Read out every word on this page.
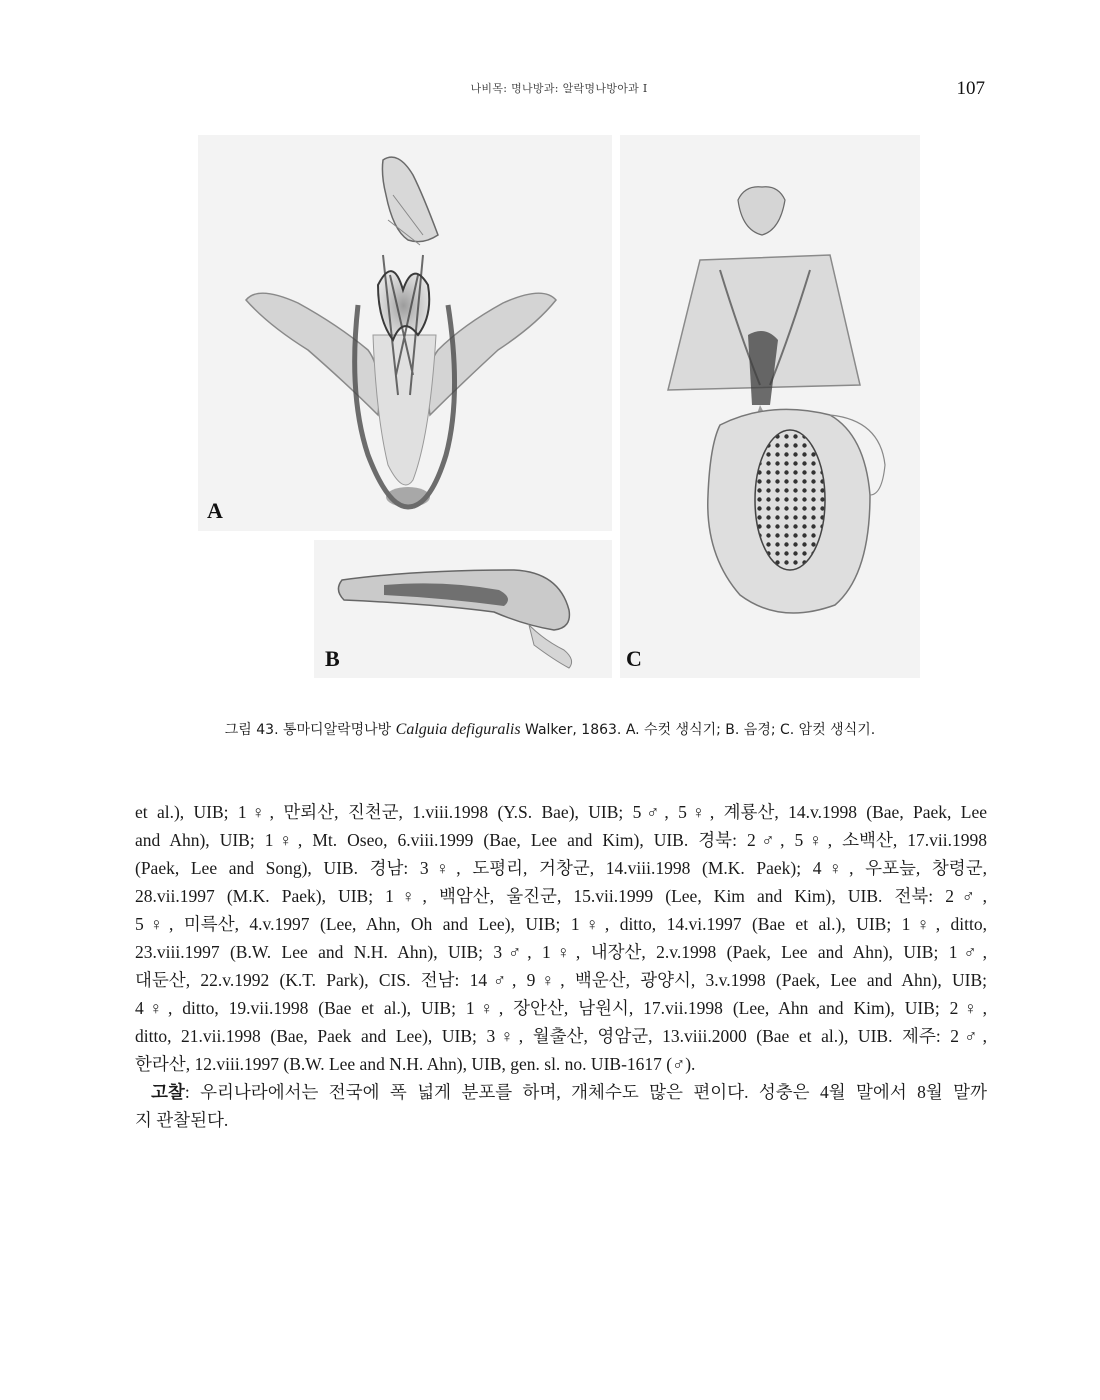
나비목: 명나방과: 알락명나방아과 I	107
A
B	C
그림 43. 통마디알락명나방 Calguia defiguralis Walker, 1863. A. 수컷 생식기; B. 음경; C. 암컷 생식기.
et al.), UIB; 1♀, 만뢰산, 진천군, 1.viii.1998 (Y.S. Bae), UIB; 5♂, 5♀, 계룡산, 14.v.1998 (Bae, Paek, Lee
and Ahn), UIB; 1♀, Mt. Oseo, 6.viii.1999 (Bae, Lee and Kim), UIB. 경북: 2♂, 5♀, 소백산, 17.vii.1998
(Paek, Lee and Song), UIB. 경남: 3♀, 도평리, 거창군, 14.viii.1998 (M.K. Paek); 4♀, 우포늪, 창령군,
28.vii.1997 (M.K. Paek), UIB; 1♀, 백암산, 울진군, 15.vii.1999 (Lee, Kim and Kim), UIB. 전북: 2♂,
5♀, 미륵산, 4.v.1997 (Lee, Ahn, Oh and Lee), UIB; 1♀, ditto, 14.vi.1997 (Bae et al.), UIB; 1♀, ditto,
23.viii.1997 (B.W. Lee and N.H. Ahn), UIB; 3♂, 1♀, 내장산, 2.v.1998 (Paek, Lee and Ahn), UIB; 1♂,
대둔산, 22.v.1992 (K.T. Park), CIS. 전남: 14♂, 9♀, 백운산, 광양시, 3.v.1998 (Paek, Lee and Ahn), UIB;
4♀, ditto, 19.vii.1998 (Bae et al.), UIB; 1♀, 장안산, 남원시, 17.vii.1998 (Lee, Ahn and Kim), UIB; 2♀,
ditto, 21.vii.1998 (Bae, Paek and Lee), UIB; 3♀, 월출산, 영암군, 13.viii.2000 (Bae et al.), UIB. 제주: 2♂,
한라산, 12.viii.1997 (B.W. Lee and N.H. Ahn), UIB, gen. sl. no. UIB-1617 (♂).
고찰: 우리나라에서는 전국에 폭 넓게 분포를 하며, 개체수도 많은 편이다. 성충은 4월 말에서 8월 말까
지 관찰된다.
